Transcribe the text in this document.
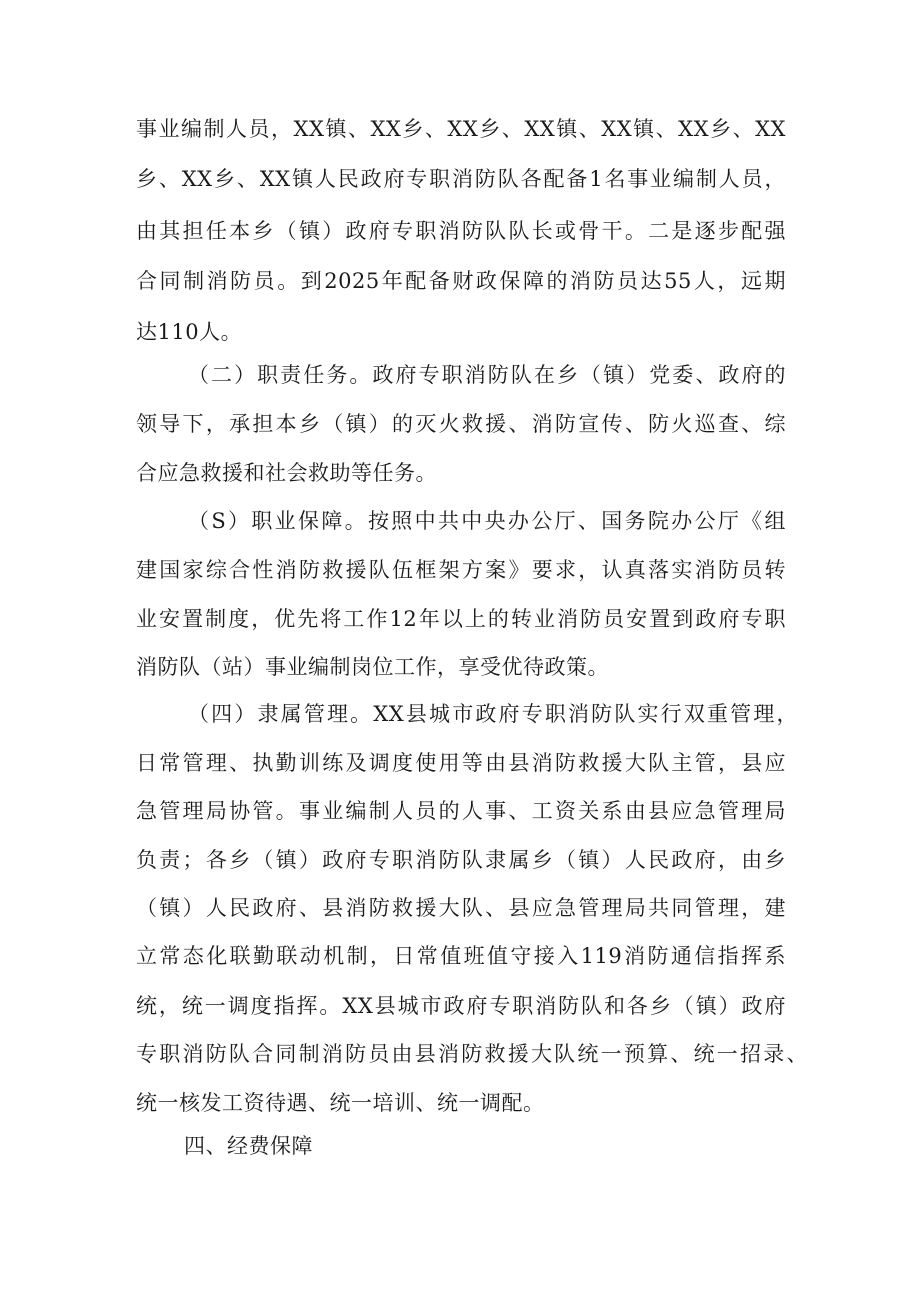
事业编制人员，XX镇、XX乡、XX乡、XX镇、XX镇、XX乡、XX
乡、XX乡、XX镇人民政府专职消防队各配备1名事业编制人员，
由其担任本乡（镇）政府专职消防队队长或骨干。二是逐步配强
合同制消防员。到2025年配备财政保障的消防员达55人，远期
达110人。
（二）职责任务。政府专职消防队在乡（镇）党委、政府的
领导下，承担本乡（镇）的灭火救援、消防宣传、防火巡查、综
合应急救援和社会救助等任务。
（S）职业保障。按照中共中央办公厅、国务院办公厅《组
建国家综合性消防救援队伍框架方案》要求，认真落实消防员转
业安置制度，优先将工作12年以上的转业消防员安置到政府专职
消防队（站）事业编制岗位工作，享受优待政策。
（四）隶属管理。XX县城市政府专职消防队实行双重管理，
日常管理、执勤训练及调度使用等由县消防救援大队主管，县应
急管理局协管。事业编制人员的人事、工资关系由县应急管理局
负责；各乡（镇）政府专职消防队隶属乡（镇）人民政府，由乡
（镇）人民政府、县消防救援大队、县应急管理局共同管理，建
立常态化联勤联动机制，日常值班值守接入119消防通信指挥系
统，统一调度指挥。XX县城市政府专职消防队和各乡（镇）政府
专职消防队合同制消防员由县消防救援大队统一预算、统一招录、
统一核发工资待遇、统一培训、统一调配。
四、经费保障
